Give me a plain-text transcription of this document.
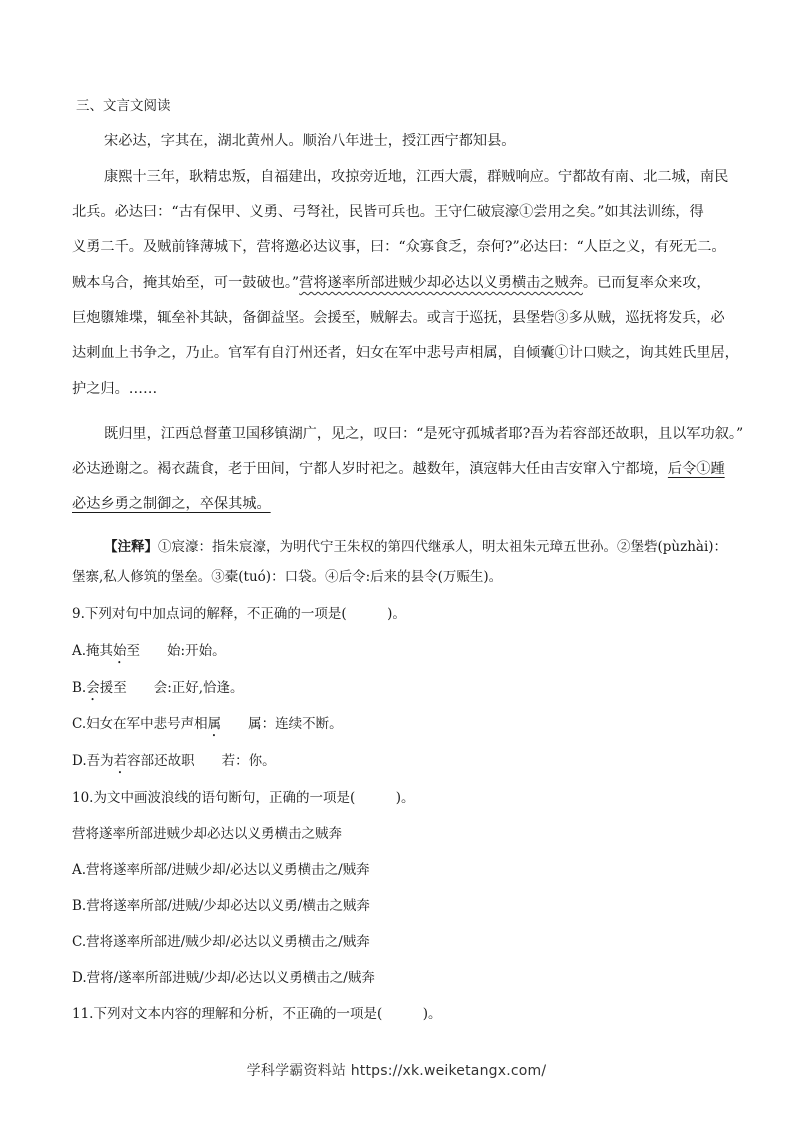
三、文言文阅读
宋必达，字其在，湖北黄州人。顺治八年进士，授江西宁都知县。
康熙十三年，耿精忠叛，自福建出，攻掠旁近地，江西大震，群贼响应。宁都故有南、北二城，南民
北兵。必达曰：“古有保甲、义勇、弓弩社，民皆可兵也。王守仁破宸濠①尝用之矣。”如其法训练，得
义勇二千。及贼前锋薄城下，营将邀必达议事，曰：“众寡食乏，奈何?”必达曰：“人臣之义，有死无二。
贼本乌合，掩其始至，可一鼓破也。”营将遂率所部进贼少却必达以义勇横击之贼奔。已而复率众来攻，
巨炮隳雉堞，辄垒补其缺，备御益坚。会援至，贼解去。或言于巡抚，县堡砦③多从贼，巡抚将发兵，必
达刺血上书争之，乃止。官军有自汀州还者，妇女在军中悲号声相属，自倾囊①计口赎之，询其姓氏里居，
护之归。……
既归里，江西总督董卫国移镇湖广，见之，叹曰：“是死守孤城者耶?吾为若容部还故职，且以军功叙。”
必达逊谢之。褐衣蔬食，老于田间，宁都人岁时祀之。越数年，滇寇韩大任由吉安窜入宁都境，后令①踵
必达乡勇之制御之，卒保其城。
【注释】①宸濠：指朱宸濠，为明代宁王朱权的第四代继承人，明太祖朱元璋五世孙。②堡砦(pùzhài)：
堡寨,私人修筑的堡垒。③橐(tuó)：口袋。④后令:后来的县令(万赈生)。
9.下列对句中加点词的解释，不正确的一项是(　　　)。
A.掩其始至　　始:开始。
B.会援至　　会:正好,恰逢。
C.妇女在军中悲号声相属　　属：连续不断。
D.吾为若容部还故职　　若：你。
10.为文中画波浪线的语句断句，正确的一项是(　　　)。
营将遂率所部进贼少却必达以义勇横击之贼奔
A.营将遂率所部/进贼少却/必达以义勇横击之/贼奔
B.营将遂率所部/进贼/少却必达以义勇/横击之贼奔
C.营将遂率所部进/贼少却/必达以义勇横击之/贼奔
D.营将/遂率所部进贼/少却/必达以义勇横击之/贼奔
11.下列对文本内容的理解和分析，不正确的一项是(　　　)。
学科学霸资料站 https://xk.weiketangx.com/
